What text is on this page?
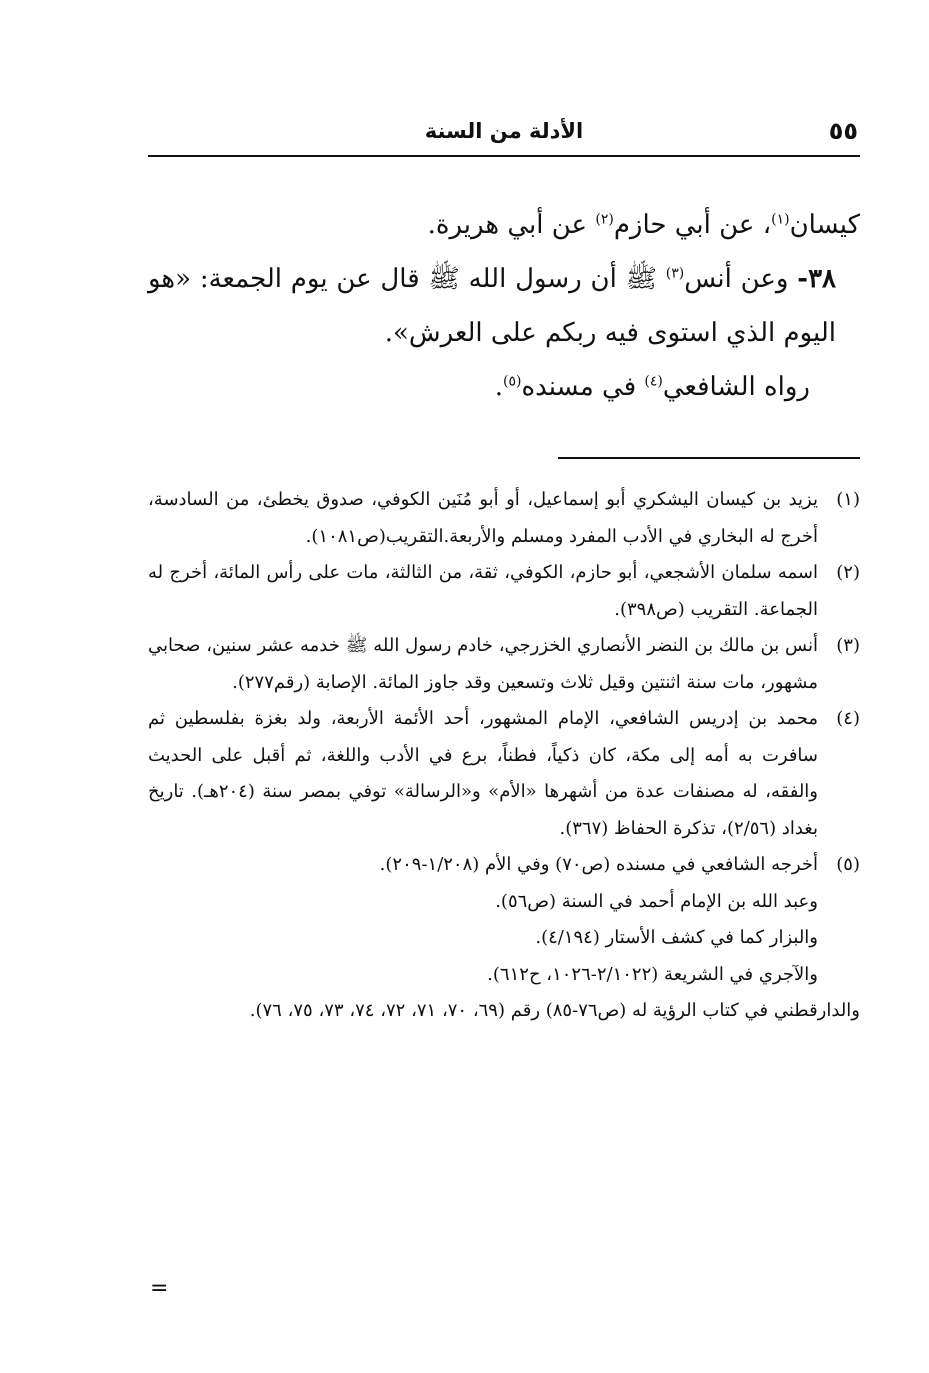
٥٥
الأدلة من السنة

كيسان$^{(١)}$، عن أبي حازم$^{(٢)}$ عن أبي هريرة.

٣٨- وعن أنس$^{(٣)}$ ﷺ أن رسول الله ﷺ قال عن يوم الجمعة: «هو اليوم الذي استوى فيه ربكم على العرش».

رواه الشافعي$^{(٤)}$ في مسنده$^{(٥)}$.

(١)
يزيد بن كيسان اليشكري أبو إسماعيل، أو أبو مُنَين الكوفي، صدوق يخطئ، من السادسة، أخرج له البخاري في الأدب المفرد ومسلم والأربعة.التقريب(ص١٠٨١).
(٢)
اسمه سلمان الأشجعي، أبو حازم، الكوفي، ثقة، من الثالثة، مات على رأس المائة، أخرج له الجماعة. التقريب (ص٣٩٨).
(٣)
أنس بن مالك بن النضر الأنصاري الخزرجي، خادم رسول الله ﷺ خدمه عشر سنين، صحابي مشهور، مات سنة اثنتين وقيل ثلاث وتسعين وقد جاوز المائة. الإصابة (رقم٢٧٧).
(٤)
محمد بن إدريس الشافعي، الإمام المشهور، أحد الأئمة الأربعة، ولد بغزة بفلسطين ثم سافرت به أمه إلى مكة، كان ذكياً، فطناً، برع في الأدب واللغة، ثم أقبل على الحديث والفقه، له مصنفات عدة من أشهرها «الأم» و«الرسالة» توفي بمصر سنة (٢٠٤هـ). تاريخ بغداد (٢/٥٦)، تذكرة الحفاظ (٣٦٧).
(٥)
أخرجه الشافعي في مسنده (ص٧٠) وفي الأم (١/٢٠٨-٢٠٩).

وعبد الله بن الإمام أحمد في السنة (ص٥٦).

والبزار كما في كشف الأستار (٤/١٩٤).

والآجري في الشريعة (٢/١٠٢٢-١٠٢٦، ح٦١٢).

والدارقطني في كتاب الرؤية له (ص٧٦-٨٥) رقم (٦٩، ٧٠، ٧١، ٧٢، ٧٤، ٧٣، ٧٥، ٧٦).

=
